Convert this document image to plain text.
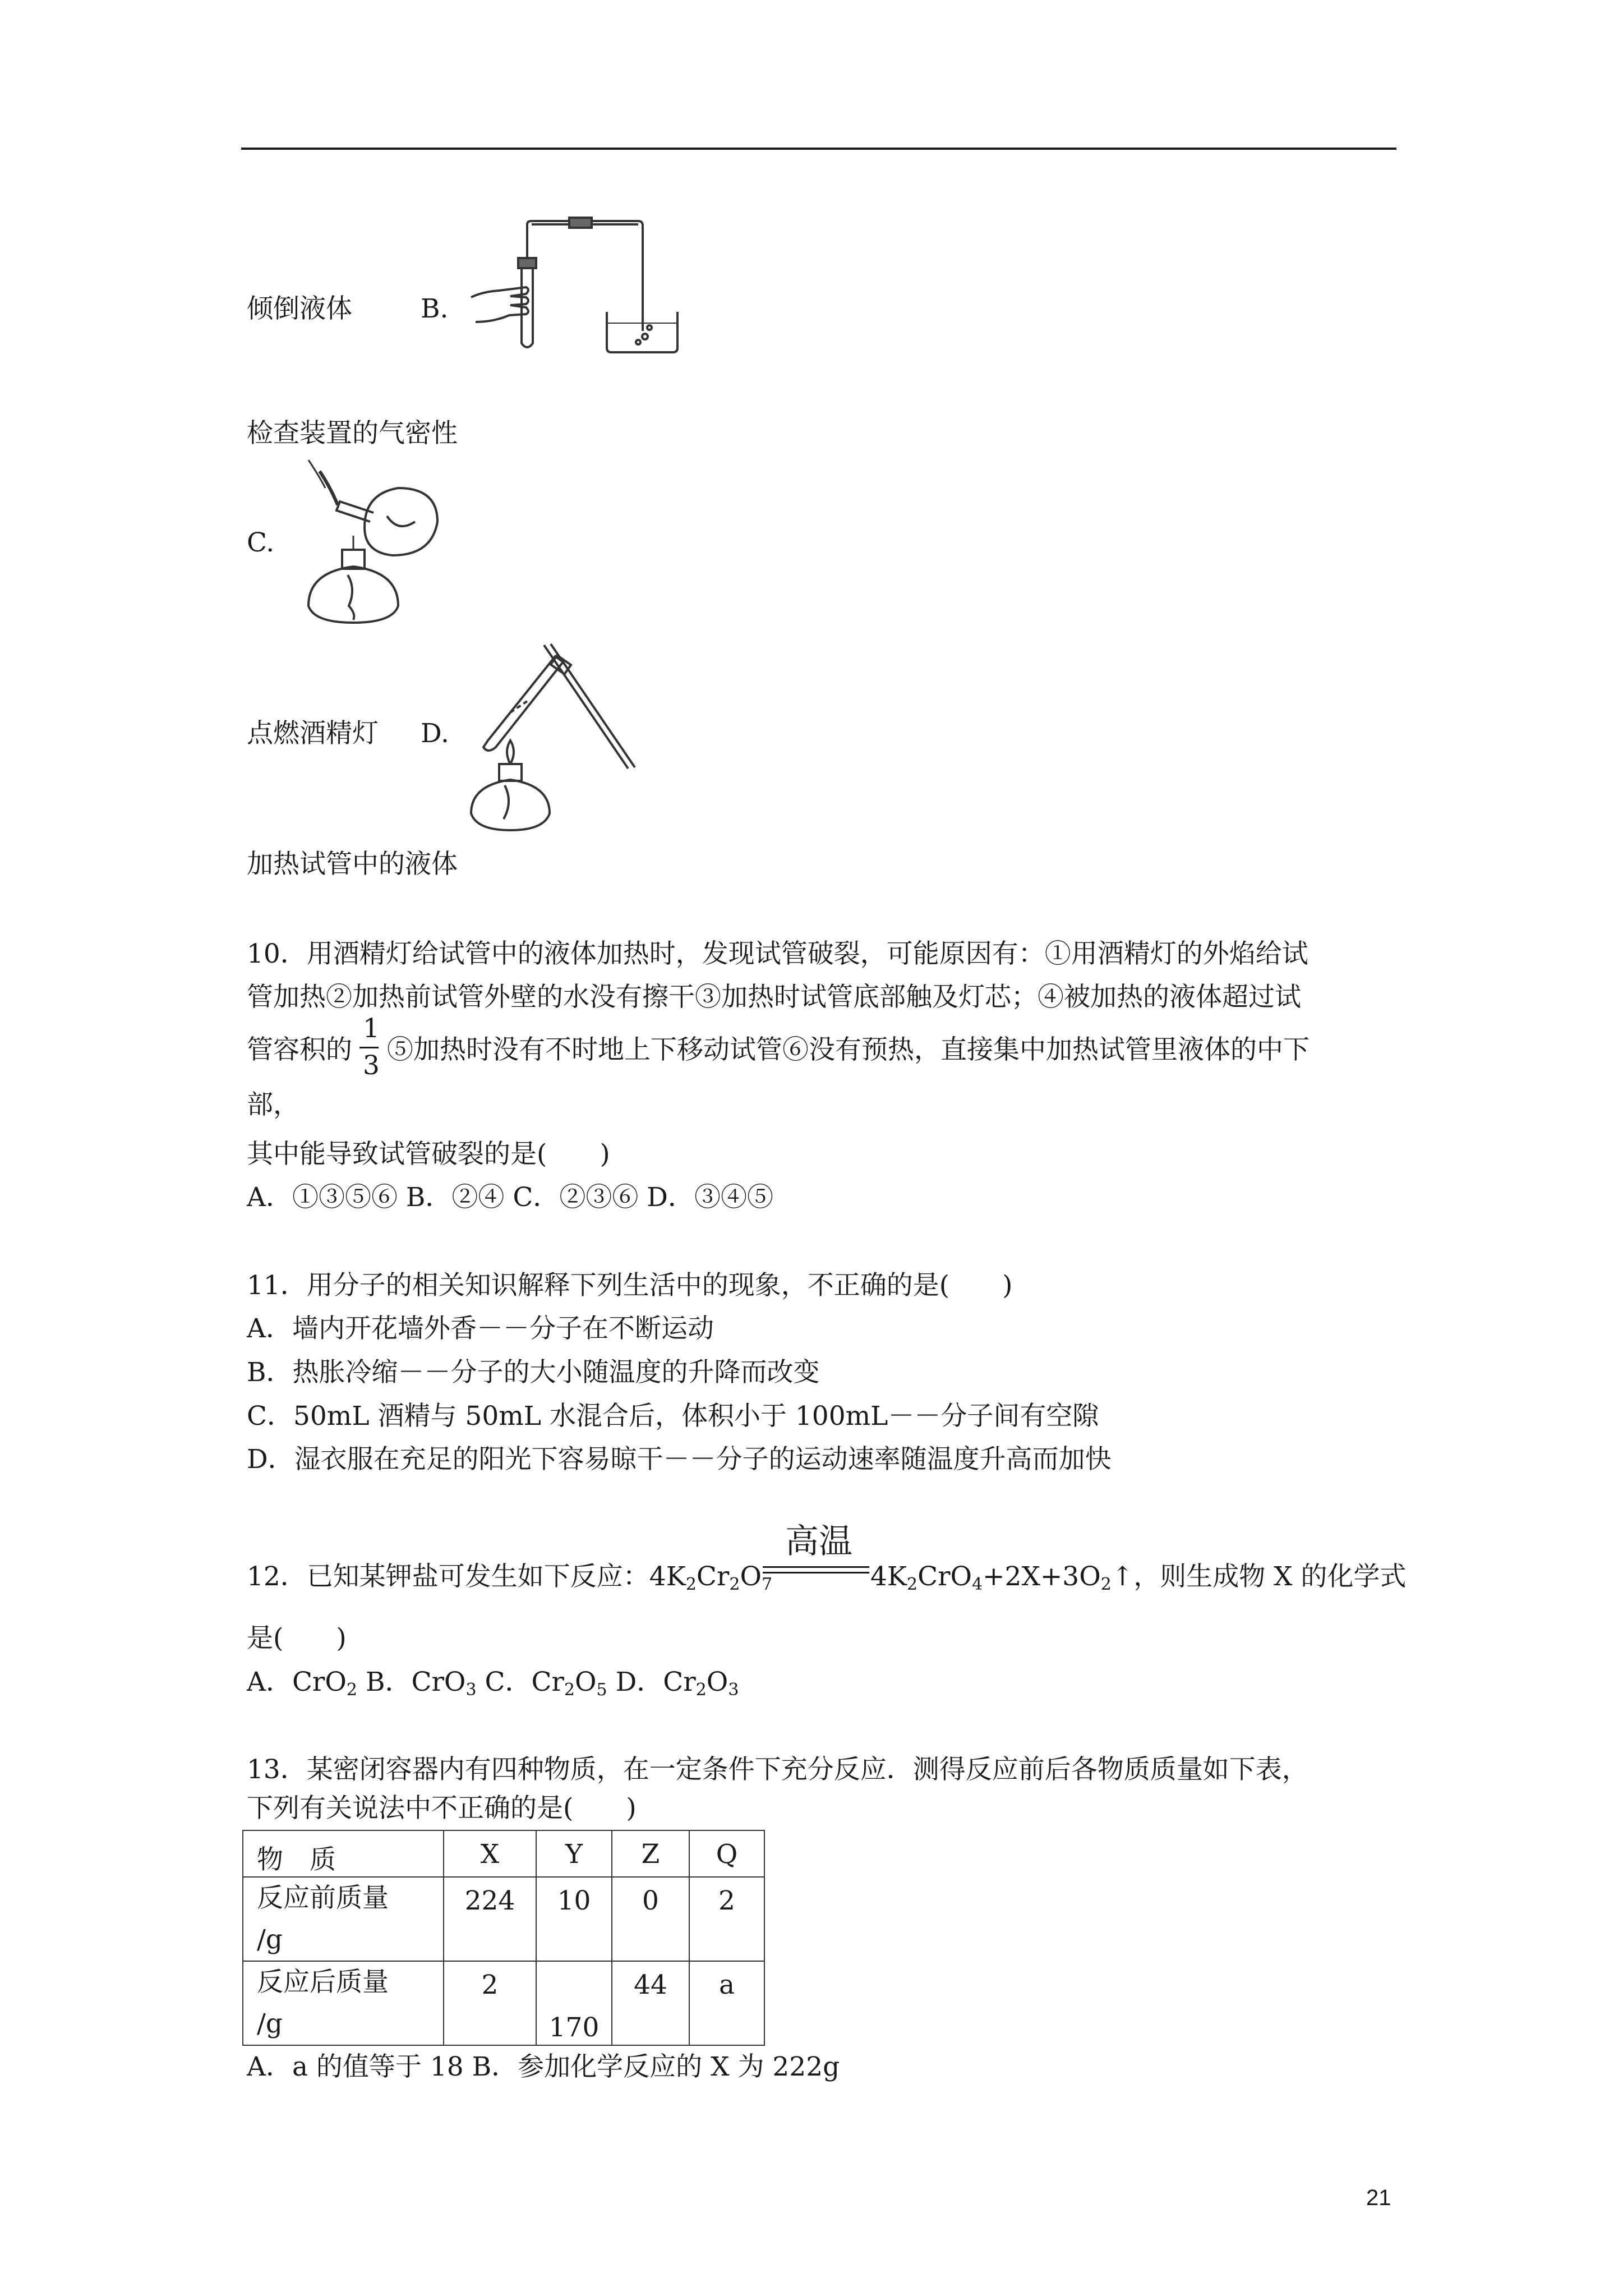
倾倒液体	B.
检查装置的气密性
C.
点燃酒精灯 D.
加热试管中的液体
10．用酒精灯给试管中的液体加热时，发现试管破裂，可能原因有：①用酒精灯的外焰给试
管加热②加热前试管外壁的水没有擦干③加热时试管底部触及灯芯；④被加热的液体超过试
管容积的
1
3
⑤加热时没有不时地上下移动试管⑥没有预热，直接集中加热试管里液体的中下
部，
其中能导致试管破裂的是(　　)
A．①③⑤⑥ B．②④ C．②③⑥ D．③④⑤
11．用分子的相关知识解释下列生活中的现象，不正确的是(　　)
A．墙内开花墙外香－－分子在不断运动
B．热胀冷缩－－分子的大小随温度的升降而改变
C．50mL 酒精与 50mL 水混合后，体积小于 100mL－－分子间有空隙
D．湿衣服在充足的阳光下容易晾干－－分子的运动速率随温度升高而加快
12．已知某钾盐可发生如下反应：$4K_2Cr_2O_7$
高温
$4K_2CrO_4+2X+3O_2↑$，则生成物 X 的化学式
是(　　)
A．CrO$_2$ B．CrO$_3$ C．$Cr_2O_5$ D．$Cr_2O_3$
13．某密闭容器内有四种物质，在一定条件下充分反应．测得反应前后各物质质量如下表，
下列有关说法中不正确的是(　　)
物　质	X	Y	Z	Q

反应前质量
/g	224	10	0	2

反应后质量
/g	2	170	44	a
A．a 的值等于 18 B．参加化学反应的 X 为 222g
21
